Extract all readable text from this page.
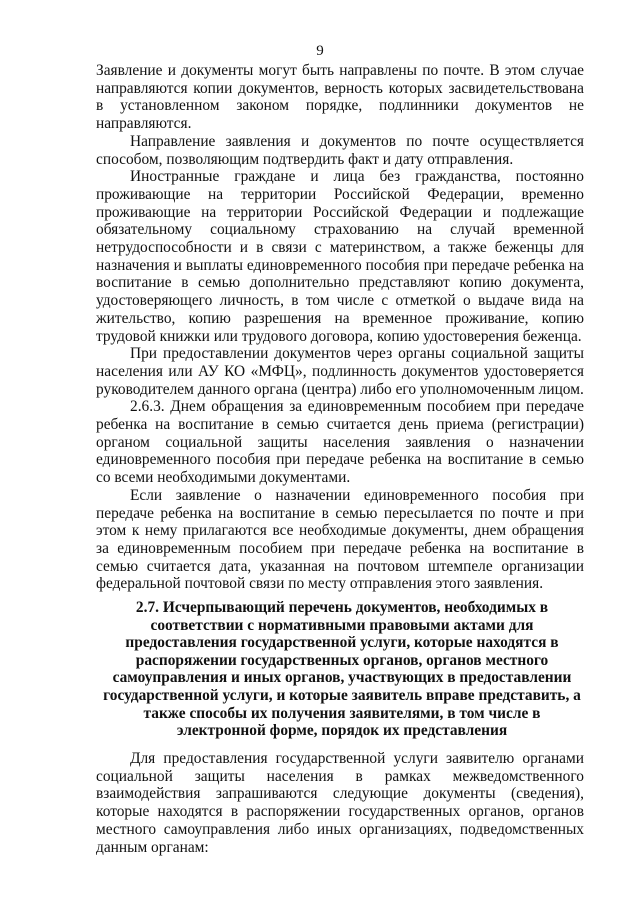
9

Заявление и документы могут быть направлены по почте. В этом случае направляются копии документов, верность которых засвидетельствована в установленном законом порядке, подлинники документов не направляются.

Направление заявления и документов по почте осуществляется способом, позволяющим подтвердить факт и дату отправления.

Иностранные граждане и лица без гражданства, постоянно проживающие на территории Российской Федерации, временно проживающие на территории Российской Федерации и подлежащие обязательному социальному страхованию на случай временной нетрудоспособности и в связи с материнством, а также беженцы для назначения и выплаты единовременного пособия при передаче ребенка на воспитание в семью дополнительно представляют копию документа, удостоверяющего личность, в том числе с отметкой о выдаче вида на жительство, копию разрешения на временное проживание, копию трудовой книжки или трудового договора, копию удостоверения беженца.

При предоставлении документов через органы социальной защиты населения или АУ КО «МФЦ», подлинность документов удостоверяется руководителем данного органа (центра) либо его уполномоченным лицом.

2.6.3. Днем обращения за единовременным пособием при передаче ребенка на воспитание в семью считается день приема (регистрации) органом социальной защиты населения заявления о назначении единовременного пособия при передаче ребенка на воспитание в семью со всеми необходимыми документами.

Если заявление о назначении единовременного пособия при передаче ребенка на воспитание в семью пересылается по почте и при этом к нему прилагаются все необходимые документы, днем обращения за единовременным пособием при передаче ребенка на воспитание в семью считается дата, указанная на почтовом штемпеле организации федеральной почтовой связи по месту отправления этого заявления.

2.7. Исчерпывающий перечень документов, необходимых в соответствии с нормативными правовыми актами для предоставления государственной услуги, которые находятся в распоряжении государственных органов, органов местного самоуправления и иных органов, участвующих в предоставлении государственной услуги, и которые заявитель вправе представить, а также способы их получения заявителями, в том числе в электронной форме, порядок их представления

Для предоставления государственной услуги заявителю органами социальной защиты населения в рамках межведомственного взаимодействия запрашиваются следующие документы (сведения), которые находятся в распоряжении государственных органов, органов местного самоуправления либо иных организациях, подведомственных данным органам:
